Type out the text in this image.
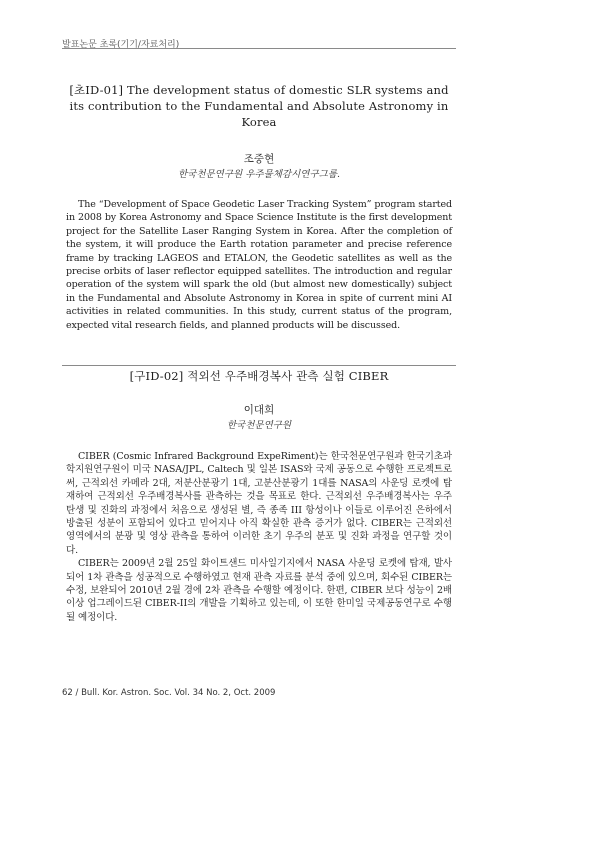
발표논문 초록(기기/자료처리)
[초ID-01] The development status of domestic SLR systems and its contribution to the Fundamental and Absolute Astronomy in Korea
조중현
한국천문연구원 우주물체감시연구그룹.

The “Development of Space Geodetic Laser Tracking System” program started in 2008 by Korea Astronomy and Space Science Institute is the first development project for the Satellite Laser Ranging System in Korea. After the completion of the system, it will produce the Earth rotation parameter and precise reference frame by tracking LAGEOS and ETALON, the Geodetic satellites as well as the precise orbits of laser reflector equipped satellites. The introduction and regular operation of the system will spark the old (but almost new domestically) subject in the Fundamental and Absolute Astronomy in Korea in spite of current mini AI activities in related communities. In this study, current status of the program, expected vital research fields, and planned products will be discussed.

[구ID-02] 적외선 우주배경복사 관측 실험 CIBER
이대희
한국천문연구원

CIBER (Cosmic Infrared Background ExpeRiment)는 한국천문연구원과 한국기초과학지원연구원이 미국 NASA/JPL, Caltech 및 일본 ISAS와 국제 공동으로 수행한 프로젝트로써, 근적외선 카메라 2대, 저분산분광기 1대, 고분산분광기 1대를 NASA의 사운딩 로켓에 탑재하여 근적외선 우주배경복사를 관측하는 것을 목표로 한다. 근적외선 우주배경복사는 우주 탄생 및 진화의 과정에서 처음으로 생성된 별, 즉 종족 III 항성이나 이들로 이루어진 은하에서 방출된 성분이 포함되어 있다고 믿어지나 아직 확실한 관측 증거가 없다. CIBER는 근적외선 영역에서의 분광 및 영상 관측을 통하여 이러한 초기 우주의 분포 및 진화 과정을 연구할 것이다.

CIBER는 2009년 2월 25일 화이트샌드 미사일기지에서 NASA 사운딩 로켓에 탑재, 발사되어 1차 관측을 성공적으로 수행하였고 현재 관측 자료를 분석 중에 있으며, 회수된 CIBER는 수정, 보완되어 2010년 2월 경에 2차 관측을 수행할 예정이다. 한편, CIBER 보다 성능이 2배 이상 업그레이드된 CIBER-II의 개발을 기획하고 있는데, 이 또한 한미일 국제공동연구로 수행될 예정이다.

62 / Bull. Kor. Astron. Soc. Vol. 34 No. 2, Oct. 2009
